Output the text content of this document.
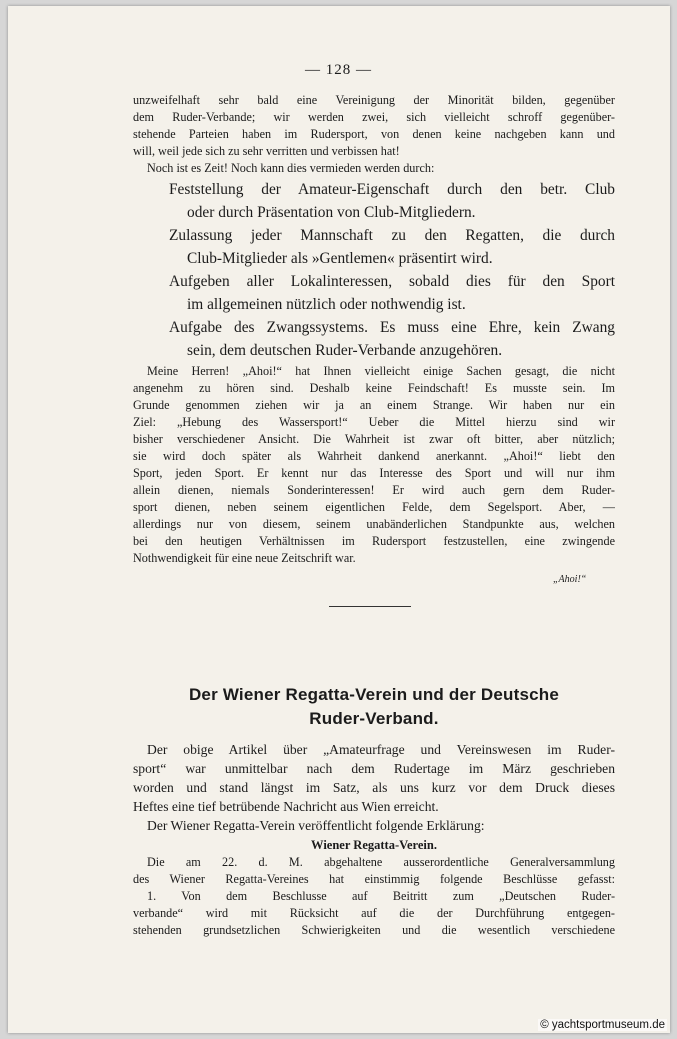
— 128 —
unzweifelhaft sehr bald eine Vereinigung der Minorität bilden, gegenüber
dem Ruder-Verbande; wir werden zwei, sich vielleicht schroff gegenüber-
stehende Parteien haben im Rudersport, von denen keine nachgeben kann und
will, weil jede sich zu sehr verritten und verbissen hat!
Noch ist es Zeit! Noch kann dies vermieden werden durch:
Feststellung der Amateur-Eigenschaft durch den betr. Club
oder durch Präsentation von Club-Mitgliedern.
Zulassung jeder Mannschaft zu den Regatten, die durch
Club-Mitglieder als »Gentlemen« präsentirt wird.
Aufgeben aller Lokalinteressen, sobald dies für den Sport
im allgemeinen nützlich oder nothwendig ist.
Aufgabe des Zwangssystems. Es muss eine Ehre, kein Zwang
sein, dem deutschen Ruder-Verbande anzugehören.
Meine Herren! „Ahoi!“ hat Ihnen vielleicht einige Sachen gesagt, die nicht
angenehm zu hören sind. Deshalb keine Feindschaft! Es musste sein. Im
Grunde genommen ziehen wir ja an einem Strange. Wir haben nur ein
Ziel: „Hebung des Wassersport!“ Ueber die Mittel hierzu sind wir
bisher verschiedener Ansicht. Die Wahrheit ist zwar oft bitter, aber nützlich;
sie wird doch später als Wahrheit dankend anerkannt. „Ahoi!“ liebt den
Sport, jeden Sport. Er kennt nur das Interesse des Sport und will nur ihm
allein dienen, niemals Sonderinteressen! Er wird auch gern dem Ruder-
sport dienen, neben seinem eigentlichen Felde, dem Segelsport. Aber, —
allerdings nur von diesem, seinem unabänderlichen Standpunkte aus, welchen
bei den heutigen Verhältnissen im Rudersport festzustellen, eine zwingende
Nothwendigkeit für eine neue Zeitschrift war.
„Ahoi!“
Der Wiener Regatta-Verein und der Deutsche
Ruder-Verband.
Der obige Artikel über „Amateurfrage und Vereinswesen im Ruder-
sport“ war unmittelbar nach dem Rudertage im März geschrieben
worden und stand längst im Satz, als uns kurz vor dem Druck dieses
Heftes eine tief betrübende Nachricht aus Wien erreicht.
Der Wiener Regatta-Verein veröffentlicht folgende Erklärung:
Wiener Regatta-Verein.
Die am 22. d. M. abgehaltene ausserordentliche Generalversammlung
des Wiener Regatta-Vereines hat einstimmig folgende Beschlüsse gefasst:
1. Von dem Beschlusse auf Beitritt zum „Deutschen Ruder-
verbande“ wird mit Rücksicht auf die der Durchführung entgegen-
stehenden grundsetzlichen Schwierigkeiten und die wesentlich verschiedene
© yachtsportmuseum.de
